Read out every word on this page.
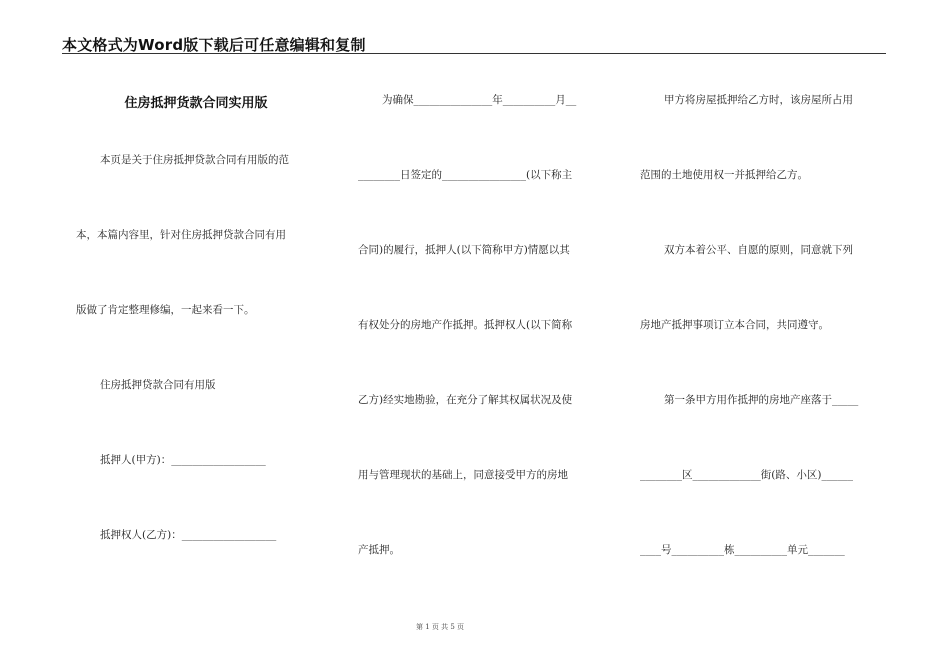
本文格式为Word版下载后可任意编辑和复制
住房抵押货款合同实用版
本页是关于住房抵押贷款合同有用版的范
本，本篇内容里，针对住房抵押贷款合同有用
版做了肯定整理修编，一起来看一下。
住房抵押贷款合同有用版
抵押人(甲方)：__________________
抵押权人(乙方)：__________________
为确保_______________年__________月__
________日签定的________________(以下称主
合同)的履行，抵押人(以下简称甲方)情愿以其
有权处分的房地产作抵押。抵押权人(以下简称
乙方)经实地勘验，在充分了解其权属状况及使
用与管理现状的基础上，同意接受甲方的房地
产抵押。
甲方将房屋抵押给乙方时，该房屋所占用
范围的土地使用权一并抵押给乙方。
双方本着公平、自愿的原则，同意就下列
房地产抵押事项订立本合同，共同遵守。
第一条甲方用作抵押的房地产座落于_____
________区_____________街(路、小区)______
____号__________栋__________单元_______
第 1 页 共 5 页
